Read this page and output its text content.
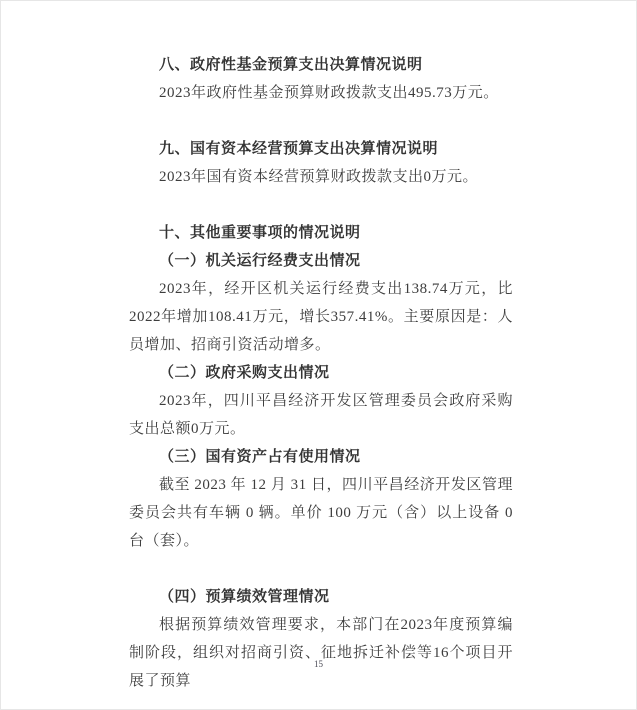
八、政府性基金预算支出决算情况说明
2023年政府性基金预算财政拨款支出495.73万元。
九、国有资本经营预算支出决算情况说明
2023年国有资本经营预算财政拨款支出0万元。
十、其他重要事项的情况说明
（一）机关运行经费支出情况
2023年，经开区机关运行经费支出138.74万元，比2022年增加108.41万元，增长357.41%。主要原因是：人员增加、招商引资活动增多。
（二）政府采购支出情况
2023年，四川平昌经济开发区管理委员会政府采购支出总额0万元。
（三）国有资产占有使用情况
截至 2023 年 12 月 31 日，四川平昌经济开发区管理委员会共有车辆 0 辆。单价 100 万元（含）以上设备 0 台（套）。
（四）预算绩效管理情况
根据预算绩效管理要求，本部门在2023年度预算编制阶段，组织对招商引资、征地拆迁补偿等16个项目开展了预算
15
